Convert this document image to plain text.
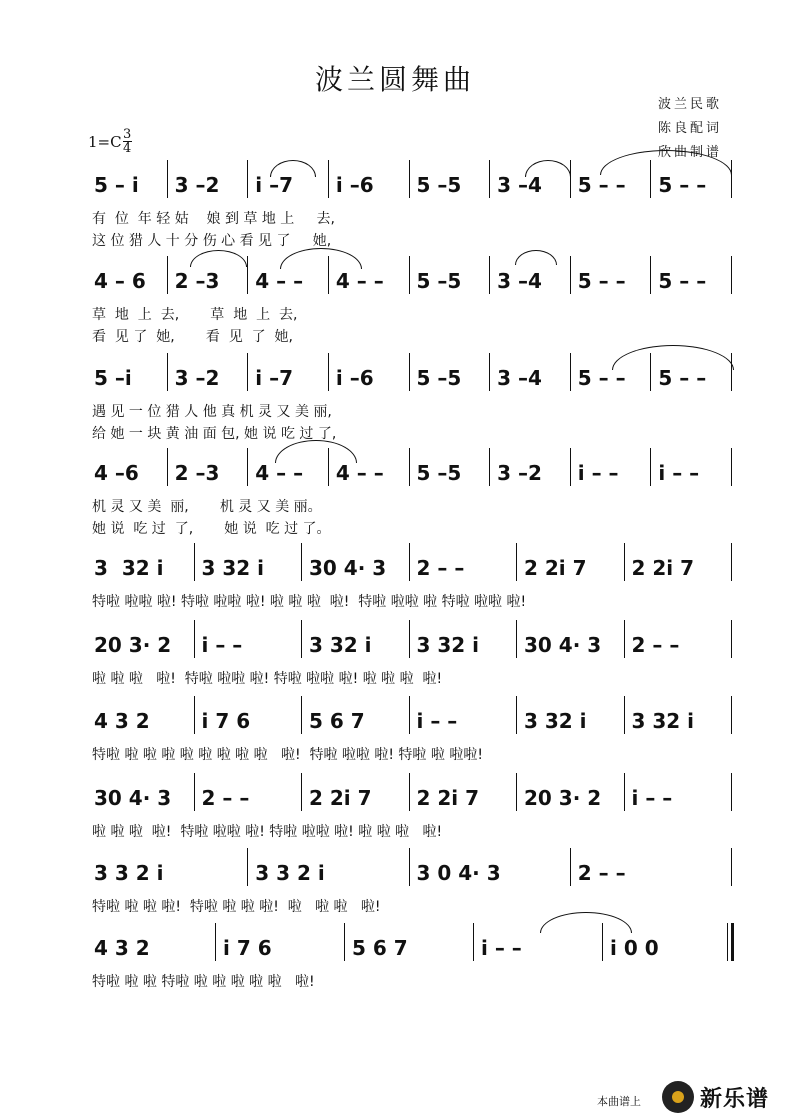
波兰圆舞曲
波兰民歌
陈良配词
欣曲制谱
$1=C \frac{3}{4}$
5 – i 3 –2 i –7 i –6 5 –5 3 –4 5 – – 5 – –
有  位  年 轻 姑    娘 到 草 地 上     去,
这 位 猎 人 十 分 伤 心 看 见 了     她,
4 – 6 2 –3 4 – – 4 – – 5 –5 3 –4 5 – – 5 – –
草  地  上  去,       草  地  上  去,
看  见 了  她,       看  见  了  她,
5 –i 3 –2 i –7 i –6 5 –5 3 –4 5 – – 5 – –
遇 见 一 位 猎 人 他 真 机 灵 又 美 丽,
给 她 一 块 黄 油 面 包, 她 说 吃 过 了,
4 –6 2 –3 4 – – 4 – – 5 –5 3 –2 i – – i – –
机 灵 又 美  丽,       机 灵 又 美 丽。
她 说  吃 过  了,       她 说  吃 过 了。
3  32 i 3 32 i 30 4· 3 2 – –	2 2i 7 2 2i 7
特啦 啦啦 啦! 特啦 啦啦 啦! 啦 啦 啦  啦!  特啦 啦啦 啦 特啦 啦啦 啦!
20 3· 2 i – –	3 32 i 3 32 i 30 4· 3 2 – –
啦 啦 啦   啦!  特啦 啦啦 啦! 特啦 啦啦 啦! 啦 啦 啦  啦!
4 3 2	i 7 6	5 6 7	i – –	3 32 i 3 32 i
特啦 啦 啦 啦 啦 啦 啦 啦 啦   啦!  特啦 啦啦 啦! 特啦 啦 啦啦!
30 4· 3 2 – –	2 2i 7 2 2i 7 20 3· 2 i – –
啦 啦 啦  啦!  特啦 啦啦 啦! 特啦 啦啦 啦! 啦 啦 啦   啦!
3 3 2 i	3 3 2 i	3 0 4· 3	2 – –
特啦 啦 啦 啦!  特啦 啦 啦 啦!  啦   啦 啦   啦!
4 3 2	i 7 6	5 6 7	i – –	i 0 0
特啦 啦 啦 特啦 啦 啦 啦 啦 啦   啦!
本曲谱上	新乐谱
